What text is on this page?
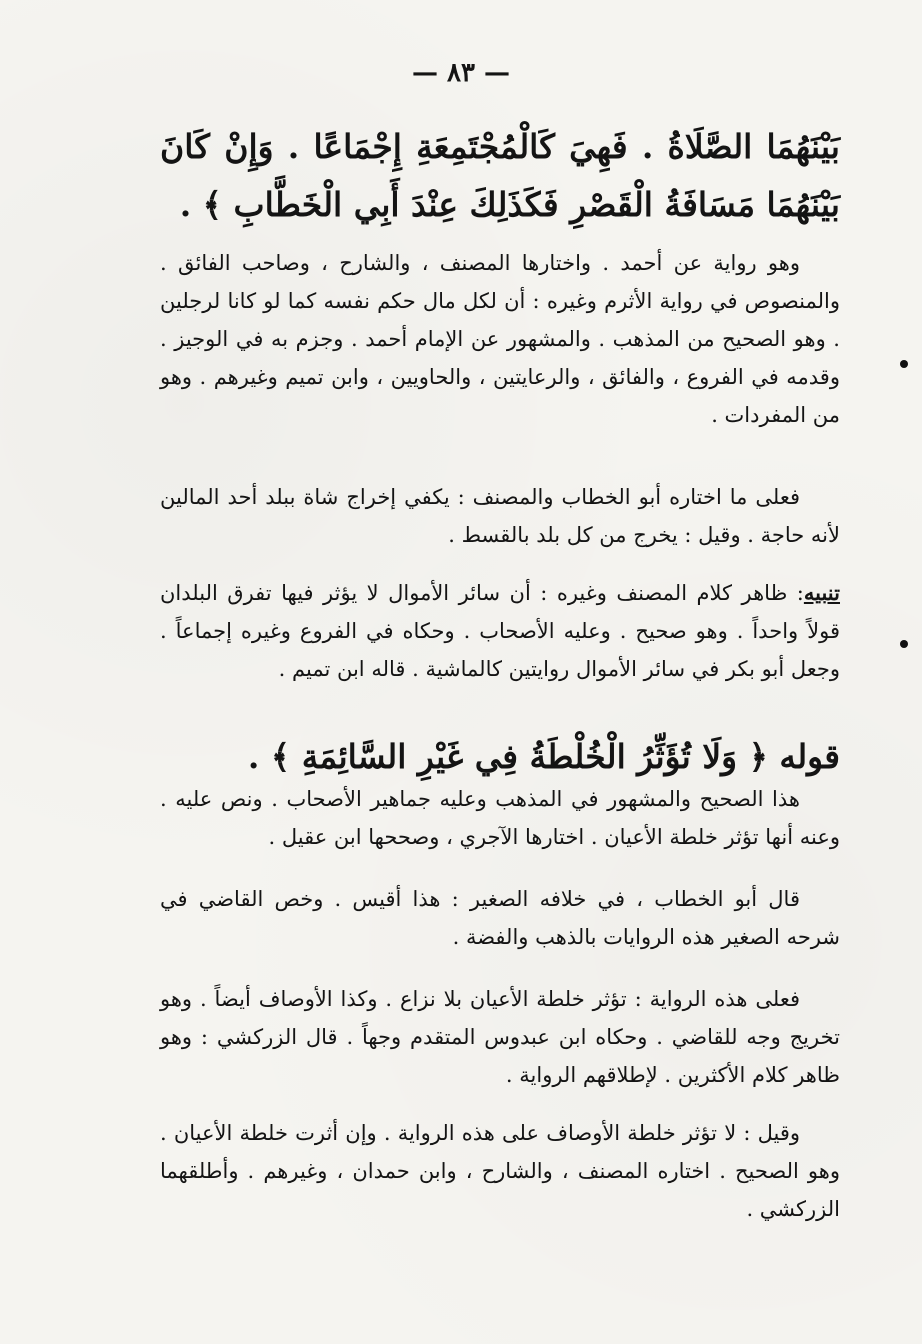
— ٨٣ —
بَيْنَهُمَا الصَّلَاةُ . فَهِيَ كَالْمُجْتَمِعَةِ إِجْمَاعًا . وَإِنْ كَانَ بَيْنَهُمَا مَسَافَةُ الْقَصْرِ فَكَذَلِكَ عِنْدَ أَبِي الْخَطَّابِ ﴾ .
وهو رواية عن أحمد . واختارها المصنف ، والشارح ، وصاحب الفائق . والمنصوص في رواية الأثرم وغيره : أن لكل مال حكم نفسه كما لو كانا لرجلين . وهو الصحيح من المذهب . والمشهور عن الإمام أحمد . وجزم به في الوجيز . وقدمه في الفروع ، والفائق ، والرعايتين ، والحاويين ، وابن تميم وغيرهم . وهو من المفردات .
فعلى ما اختاره أبو الخطاب والمصنف : يكفي إخراج شاة ببلد أحد المالين لأنه حاجة . وقيل : يخرج من كل بلد بالقسط .
تنبيه: ظاهر كلام المصنف وغيره : أن سائر الأموال لا يؤثر فيها تفرق البلدان قولاً واحداً . وهو صحيح . وعليه الأصحاب . وحكاه في الفروع وغيره إجماعاً . وجعل أبو بكر في سائر الأموال روايتين كالماشية . قاله ابن تميم .
قوله ﴿ وَلَا تُؤَثِّرُ الْخُلْطَةُ فِي غَيْرِ السَّائِمَةِ ﴾ .
هذا الصحيح والمشهور في المذهب وعليه جماهير الأصحاب . ونص عليه . وعنه أنها تؤثر خلطة الأعيان . اختارها الآجري ، وصححها ابن عقيل .
قال أبو الخطاب ، في خلافه الصغير : هذا أقيس . وخص القاضي في شرحه الصغير هذه الروايات بالذهب والفضة .
فعلى هذه الرواية : تؤثر خلطة الأعيان بلا نزاع . وكذا الأوصاف أيضاً . وهو تخريج وجه للقاضي . وحكاه ابن عبدوس المتقدم وجهاً . قال الزركشي : وهو ظاهر كلام الأكثرين . لإطلاقهم الرواية .
وقيل : لا تؤثر خلطة الأوصاف على هذه الرواية . وإن أثرت خلطة الأعيان . وهو الصحيح . اختاره المصنف ، والشارح ، وابن حمدان ، وغيرهم . وأطلقهما الزركشي .
